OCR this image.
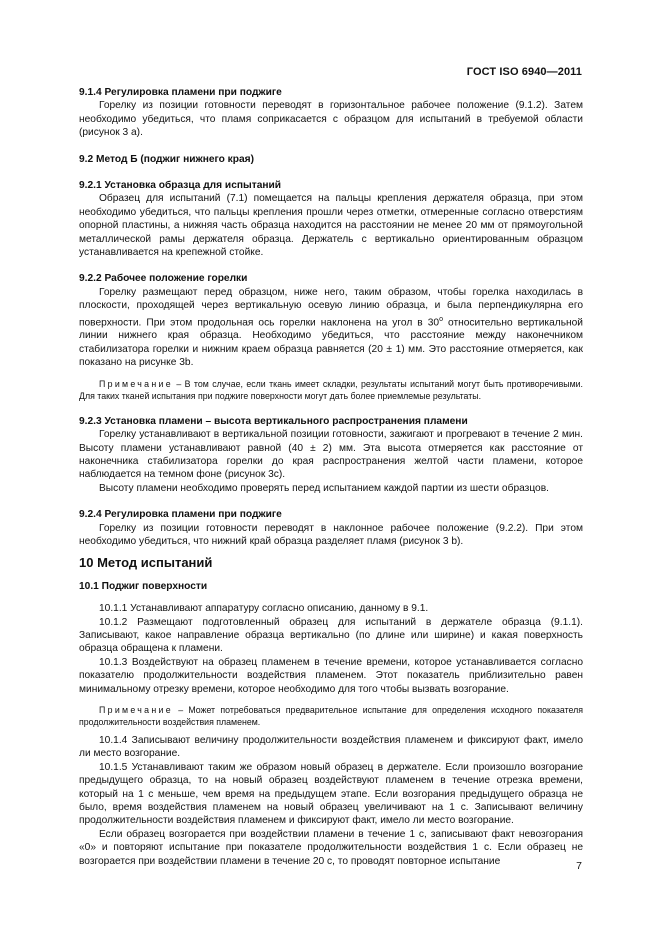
ГОСТ ISO 6940—2011
9.1.4 Регулировка пламени при поджиге
Горелку из позиции готовности переводят в горизонтальное рабочее положение (9.1.2). Затем необходимо убедиться, что пламя соприкасается с образцом для испытаний в требуемой области (рисунок 3 а).
9.2 Метод Б (поджиг нижнего края)
9.2.1 Установка образца для испытаний
Образец для испытаний (7.1) помещается на пальцы крепления держателя образца, при этом необходимо убедиться, что пальцы крепления прошли через отметки, отмеренные согласно отверстиям опорной пластины, а нижняя часть образца находится на расстоянии не менее 20 мм от прямоугольной металлической рамы держателя образца. Держатель с вертикально ориентированным образцом устанавливается на крепежной стойке.
9.2.2 Рабочее положение горелки
Горелку размещают перед образцом, ниже него, таким образом, чтобы горелка находилась в плоскости, проходящей через вертикальную осевую линию образца, и была перпендикулярна его поверхности. При этом продольная ось горелки наклонена на угол в $30^о$ относительно вертикальной линии нижнего края образца. Необходимо убедиться, что расстояние между наконечником стабилизатора горелки и нижним краем образца равняется (20 ± 1) мм. Это расстояние отмеряется, как показано на рисунке 3b.
Примечание – В том случае, если ткань имеет складки, результаты испытаний могут быть противоречивыми. Для таких тканей испытания при поджиге поверхности могут дать более приемлемые результаты.
9.2.3 Установка пламени – высота вертикального распространения пламени
Горелку устанавливают в вертикальной позиции готовности, зажигают и прогревают в течение 2 мин. Высоту пламени устанавливают равной (40 ± 2) мм. Эта высота отмеряется как расстояние от наконечника стабилизатора горелки до края распространения желтой части пламени, которое наблюдается на темном фоне (рисунок 3с).
Высоту пламени необходимо проверять перед испытанием каждой партии из шести образцов.
9.2.4 Регулировка пламени при поджиге
Горелку из позиции готовности переводят в наклонное рабочее положение (9.2.2). При этом необходимо убедиться, что нижний край образца разделяет пламя (рисунок 3 b).
10 Метод испытаний
10.1 Поджиг поверхности
10.1.1 Устанавливают аппаратуру согласно описанию, данному в 9.1.
10.1.2 Размещают подготовленный образец для испытаний в держателе образца (9.1.1). Записывают, какое направление образца вертикально (по длине или ширине) и какая поверхность образца обращена к пламени.
10.1.3 Воздействуют на образец пламенем в течение времени, которое устанавливается согласно показателю продолжительности воздействия пламенем. Этот показатель приблизительно равен минимальному отрезку времени, которое необходимо для того чтобы вызвать возгорание.
Примечание – Может потребоваться предварительное испытание для определения исходного показателя продолжительности воздействия пламенем.
10.1.4 Записывают величину продолжительности воздействия пламенем и фиксируют факт, имело ли место возгорание.
10.1.5 Устанавливают таким же образом новый образец в держателе. Если произошло возгорание предыдущего образца, то на новый образец воздействуют пламенем в течение отрезка времени, который на 1 с меньше, чем время на предыдущем этапе. Если возгорания предыдущего образца не было, время воздействия пламенем на новый образец увеличивают на 1 с. Записывают величину продолжительности воздействия пламенем и фиксируют факт, имело ли место возгорание.
Если образец возгорается при воздействии пламени в течение 1 с, записывают факт невозгорания «0» и повторяют испытание при показателе продолжительности воздействия 1 с. Если образец не возгорается при воздействии пламени в течение 20 с, то проводят повторное испытание	7
